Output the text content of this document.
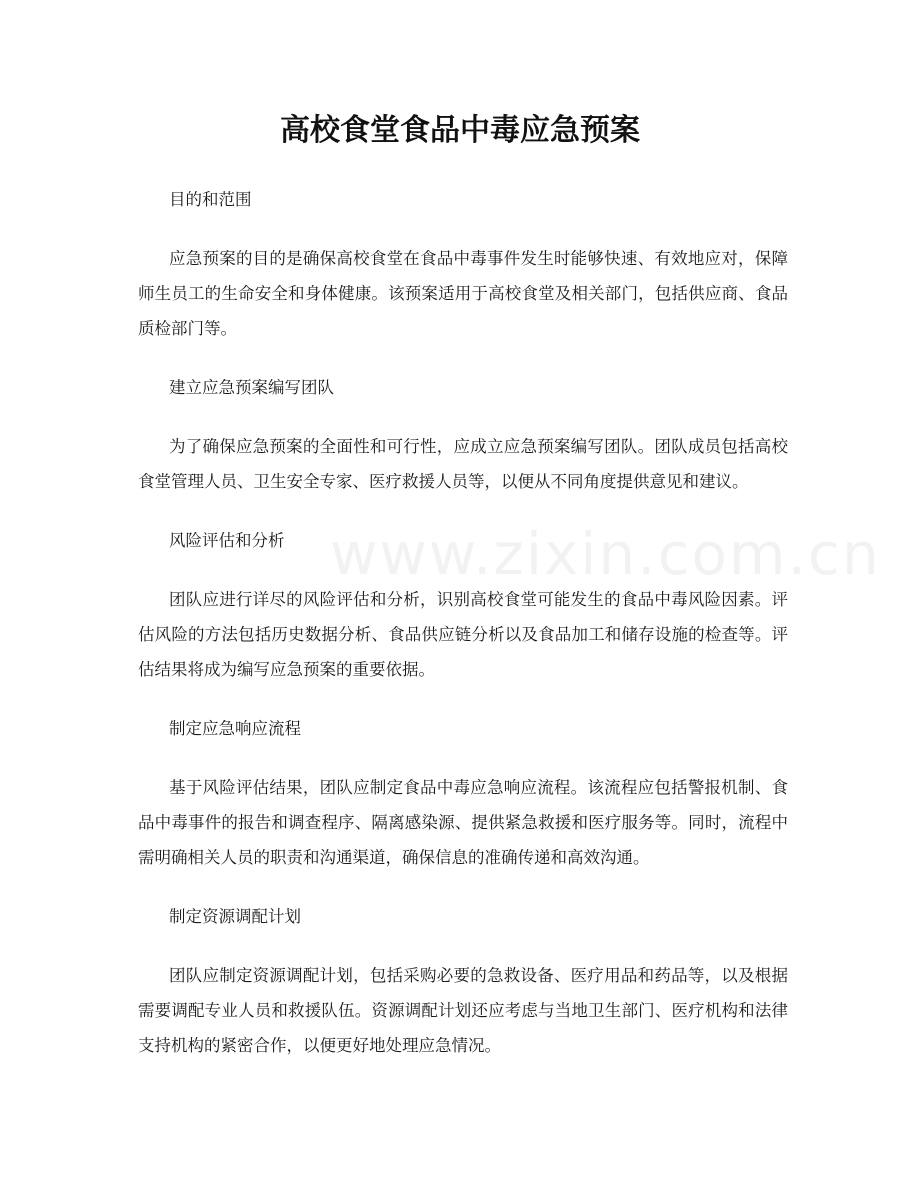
www.zixin.com.cn
高校食堂食品中毒应急预案

目的和范围

应急预案的目的是确保高校食堂在食品中毒事件发生时能够快速、有效地应对，保障师生员工的生命安全和身体健康。该预案适用于高校食堂及相关部门，包括供应商、食品质检部门等。

建立应急预案编写团队

为了确保应急预案的全面性和可行性，应成立应急预案编写团队。团队成员包括高校食堂管理人员、卫生安全专家、医疗救援人员等，以便从不同角度提供意见和建议。

风险评估和分析

团队应进行详尽的风险评估和分析，识别高校食堂可能发生的食品中毒风险因素。评估风险的方法包括历史数据分析、食品供应链分析以及食品加工和储存设施的检查等。评估结果将成为编写应急预案的重要依据。

制定应急响应流程

基于风险评估结果，团队应制定食品中毒应急响应流程。该流程应包括警报机制、食品中毒事件的报告和调查程序、隔离感染源、提供紧急救援和医疗服务等。同时，流程中需明确相关人员的职责和沟通渠道，确保信息的准确传递和高效沟通。

制定资源调配计划

团队应制定资源调配计划，包括采购必要的急救设备、医疗用品和药品等，以及根据需要调配专业人员和救援队伍。资源调配计划还应考虑与当地卫生部门、医疗机构和法律支持机构的紧密合作，以便更好地处理应急情况。
